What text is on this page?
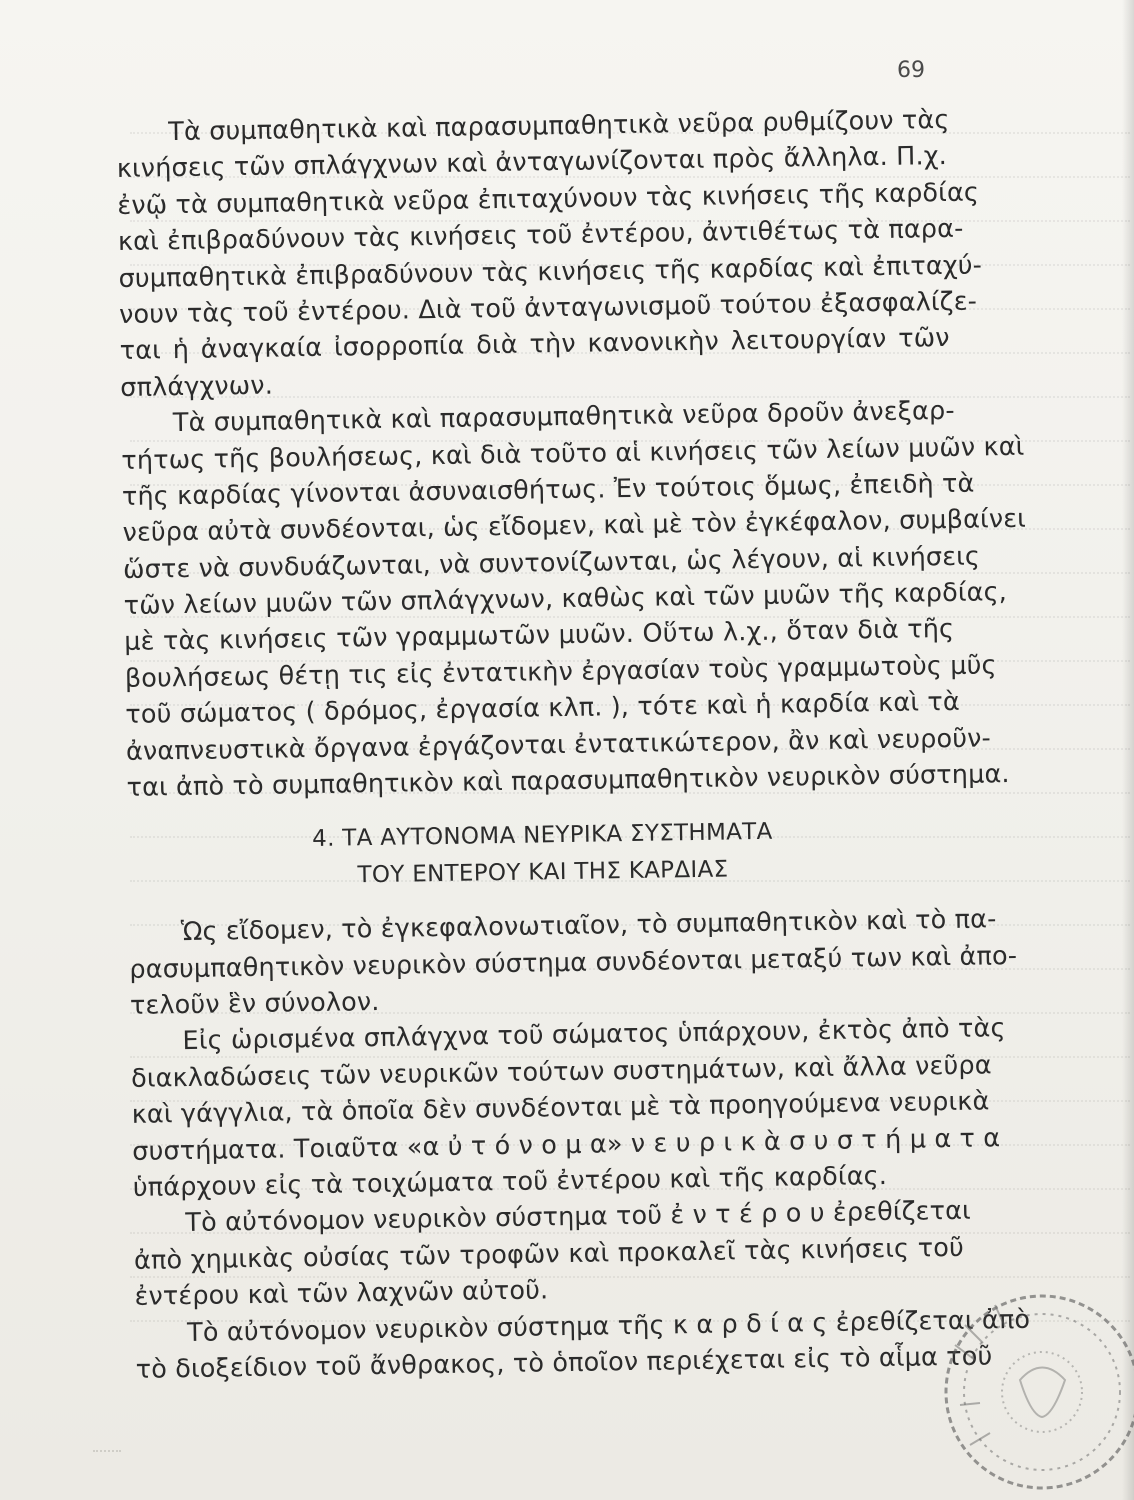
69
Τὰ συμπαθητικὰ καὶ παρασυμπαθητικὰ νεῦρα ρυθμίζουν τὰς
κινήσεις τῶν σπλάγχνων καὶ ἀνταγωνίζονται πρὸς ἄλληλα. Π.χ.
ἐνῷ τὰ συμπαθητικὰ νεῦρα ἐπιταχύνουν τὰς κινήσεις τῆς καρδίας
καὶ ἐπιβραδύνουν τὰς κινήσεις τοῦ ἐντέρου, ἀντιθέτως τὰ παρα-
συμπαθητικὰ ἐπιβραδύνουν τὰς κινήσεις τῆς καρδίας καὶ ἐπιταχύ-
νουν τὰς τοῦ ἐντέρου. Διὰ τοῦ ἀνταγωνισμοῦ τούτου ἐξασφαλίζε-
ται ἡ ἀναγκαία ἰσορροπία διὰ τὴν κανονικὴν λειτουργίαν τῶν
σπλάγχνων.
Τὰ συμπαθητικὰ καὶ παρασυμπαθητικὰ νεῦρα δροῦν ἀνεξαρ-
τήτως τῆς βουλήσεως, καὶ διὰ τοῦτο αἱ κινήσεις τῶν λείων μυῶν καὶ
τῆς καρδίας γίνονται ἀσυναισθήτως. Ἐν τούτοις ὅμως, ἐπειδὴ τὰ
νεῦρα αὐτὰ συνδέονται, ὡς εἴδομεν, καὶ μὲ τὸν ἐγκέφαλον, συμβαίνει
ὥστε νὰ συνδυάζωνται, νὰ συντονίζωνται, ὡς λέγουν, αἱ κινήσεις
τῶν λείων μυῶν τῶν σπλάγχνων, καθὼς καὶ τῶν μυῶν τῆς καρδίας,
μὲ τὰς κινήσεις τῶν γραμμωτῶν μυῶν. Οὕτω λ.χ., ὅταν διὰ τῆς
βουλήσεως θέτῃ τις εἰς ἐντατικὴν ἐργασίαν τοὺς γραμμωτοὺς μῦς
τοῦ σώματος ( δρόμος, ἐργασία κλπ. ), τότε καὶ ἡ καρδία καὶ τὰ
ἀναπνευστικὰ ὄργανα ἐργάζονται ἐντατικώτερον, ἂν καὶ νευροῦν-
ται ἀπὸ τὸ συμπαθητικὸν καὶ παρασυμπαθητικὸν νευρικὸν σύστημα.
4. ΤΑ ΑΥΤΟΝΟΜΑ ΝΕΥΡΙΚΑ ΣΥΣΤΗΜΑΤΑ
ΤΟΥ ΕΝΤΕΡΟΥ ΚΑΙ ΤΗΣ ΚΑΡΔΙΑΣ
Ὡς εἴδομεν, τὸ ἐγκεφαλονωτιαῖον, τὸ συμπαθητικὸν καὶ τὸ πα-
ρασυμπαθητικὸν νευρικὸν σύστημα συνδέονται μεταξύ των καὶ ἀπο-
τελοῦν ἓν σύνολον.
Εἰς ὡρισμένα σπλάγχνα τοῦ σώματος ὑπάρχουν, ἐκτὸς ἀπὸ τὰς
διακλαδώσεις τῶν νευρικῶν τούτων συστημάτων, καὶ ἄλλα νεῦρα
καὶ γάγγλια, τὰ ὁποῖα δὲν συνδέονται μὲ τὰ προηγούμενα νευρικὰ
συστήματα. Τοιαῦτα «α ὐ τ ό ν ο μ α» ν ε υ ρ ι κ ὰ σ υ σ τ ή μ α τ α
ὑπάρχουν εἰς τὰ τοιχώματα τοῦ ἐντέρου καὶ τῆς καρδίας.
Τὸ αὐτόνομον νευρικὸν σύστημα τοῦ ἐ ν τ έ ρ ο υ ἐρεθίζεται
ἀπὸ χημικὰς οὐσίας τῶν τροφῶν καὶ προκαλεῖ τὰς κινήσεις τοῦ
ἐντέρου καὶ τῶν λαχνῶν αὐτοῦ.
Τὸ αὐτόνομον νευρικὸν σύστημα τῆς κ α ρ δ ί α ς ἐρεθίζεται ἀπὸ
τὸ διοξείδιον τοῦ ἄνθρακος, τὸ ὁποῖον περιέχεται εἰς τὸ αἷμα τοῦ
